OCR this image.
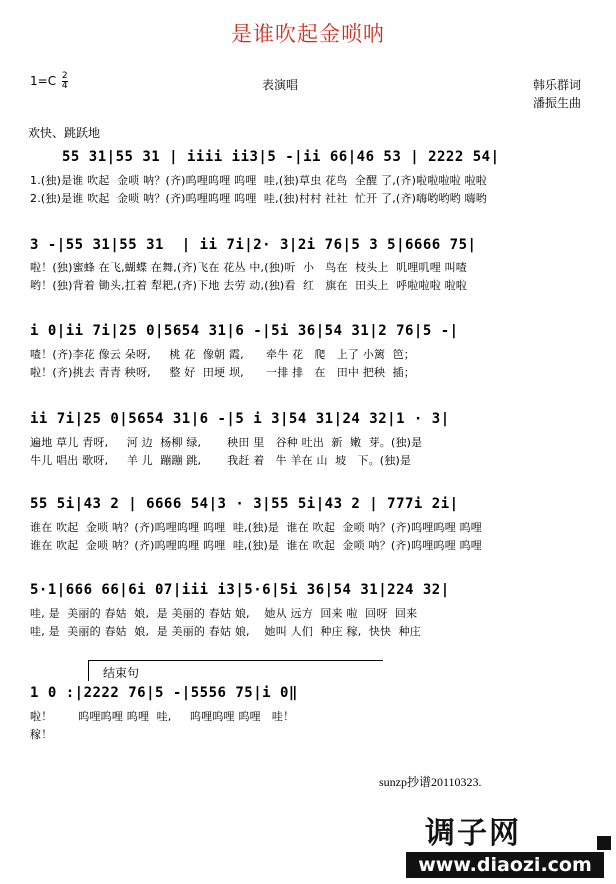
是谁吹起金唢呐
$1=C \frac{2}{4}$	表演唱	韩乐群词
潘振生曲
欢快、跳跃地
55 31|55 31 | iiii ii3|5 -|ii 66|46 53 | 2222 54|
1.(独)是谁 吹起  金唢 呐？(齐)呜哩呜哩 呜哩  哇,(独)草虫 花鸟  全醒 了,(齐)啦啦啦啦 啦啦
2.(独)是谁 吹起  金唢 呐？(齐)呜哩呜哩 呜哩  哇,(独)村村 社社  忙开 了,(齐)嗨哟哟哟 嗨哟
3 -|55 31|55 31  | ii 7i|2· 3|2i 76|5 3 5|6666 75|
啦！(独)蜜蜂 在飞,蝴蝶 在舞,(齐)飞在 花丛 中,(独)听  小   鸟在  枝头上  叽哩叽哩 叫喳
哟！(独)背着 锄头,扛着 犁耙,(齐)下地 去劳 动,(独)看  红   旗在  田头上  呼啦啦啦 啦啦
i 0|ii 7i|25 0|5654 31|6 -|5i 36|54 31|2 76|5 -|
喳！(齐)李花 像云 朵呀,     桃 花  像朝 霞,      牵牛 花   爬   上了 小篱  笆；
啦！(齐)挑去 青青 秧呀,     整 好  田埂 坝,      一排 排   在   田中 把秧  插；
ii 7i|25 0|5654 31|6 -|5 i 3|54 31|24 32|1 · 3|
遍地 草儿 青呀,     河 边  杨柳 绿,       秧田 里   谷种 吐出  新  嫩  芽。(独)是
牛儿 唱出 歌呀,     羊 儿  蹦蹦 跳,       我赶 着   牛 羊在 山  坡   下。(独)是
55 5i|43 2 | 6666 54|3 · 3|55 5i|43 2 | 777i 2i|
谁在 吹起  金唢 呐？(齐)呜哩呜哩 呜哩  哇,(独)是  谁在 吹起  金唢 呐？(齐)呜哩呜哩 呜哩
谁在 吹起  金唢 呐？(齐)呜哩呜哩 呜哩  哇,(独)是  谁在 吹起  金唢 呐？(齐)呜哩呜哩 呜哩
5·1|666 66|6i 07|iii i3|5·6|5i 36|54 31|224 32|
哇, 是  美丽的 春姑  娘,  是 美丽的 春姑 娘,    她从 远方  回来 啦  回呀  回来
哇, 是  美丽的 春姑  娘,  是 美丽的 春姑 娘,    她叫 人们  种庄 稼,  快快  种庄
结束句
1 0 :|2222 76|5 -|5556 75|i 0‖
啦！       呜哩呜哩 呜哩  哇,     呜哩呜哩 呜哩   哇！
稼！
sunzp抄谱20110323.
调子网
www.diaozi.com
